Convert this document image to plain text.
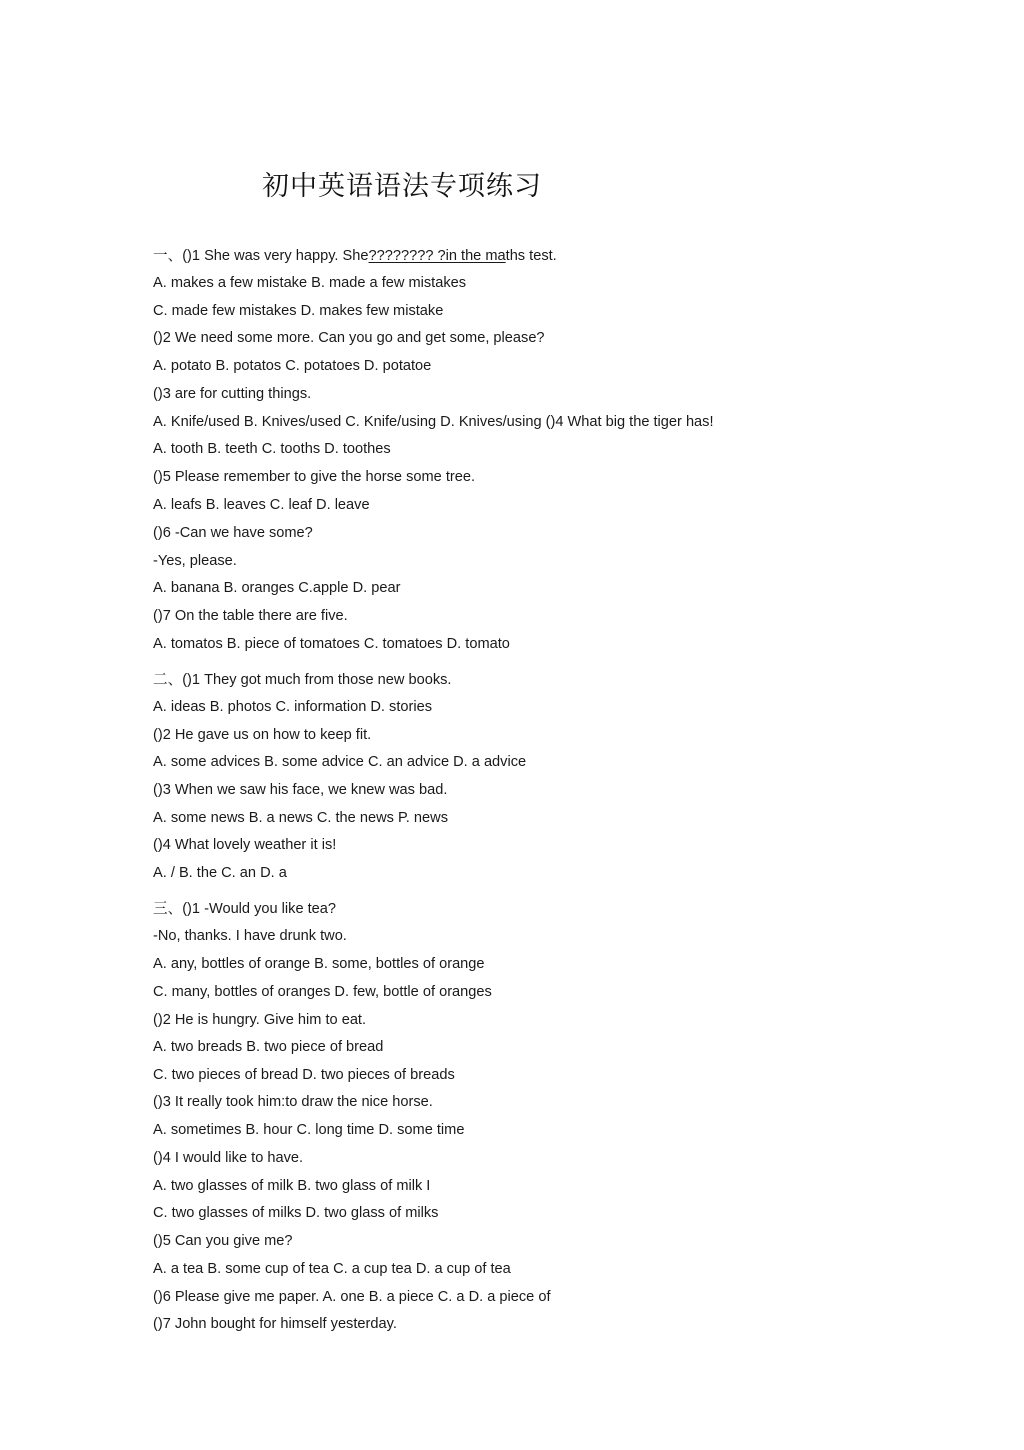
初中英语语法专项练习
一、()1 She was very happy. She???????? ?in the maths test.
A. makes a few mistake B. made a few mistakes
C. made few mistakes D. makes few mistake
()2 We need some more. Can you go and get some, please?
A. potato B. potatos C. potatoes D. potatoe
()3 are for cutting things.
A. Knife/used B. Knives/used C. Knife/using D. Knives/using ()4 What big the tiger has!
A. tooth B. teeth C. tooths D. toothes
()5 Please remember to give the horse some tree.
A. leafs B. leaves C. leaf D. leave
()6 -Can we have some?
-Yes, please.
A. banana B. oranges C.apple D. pear
()7 On the table there are five.
A. tomatos B. piece of tomatoes C. tomatoes D. tomato
二、()1 They got much from those new books.
A. ideas B. photos C. information D. stories
()2 He gave us on how to keep fit.
A. some advices B. some advice C. an advice D. a advice
()3 When we saw his face, we knew was bad.
A. some news B. a news C. the news P. news
()4 What lovely weather it is!
A. / B. the C. an D. a
三、()1 -Would you like tea?
-No, thanks. I have drunk two.
A. any, bottles of orange B. some, bottles of orange
C. many, bottles of oranges D. few, bottle of oranges
()2 He is hungry. Give him to eat.
A. two breads B. two piece of bread
C. two pieces of bread D. two pieces of breads
()3 It really took him:to draw the nice horse.
A. sometimes B. hour C. long time D. some time
()4 I would like to have.
A. two glasses of milk B. two glass of milk I
C. two glasses of milks D. two glass of milks
()5 Can you give me?
A. a tea B. some cup of tea C. a cup tea D. a cup of tea
()6 Please give me paper. A. one B. a piece C. a D. a piece of
()7 John bought for himself yesterday.
